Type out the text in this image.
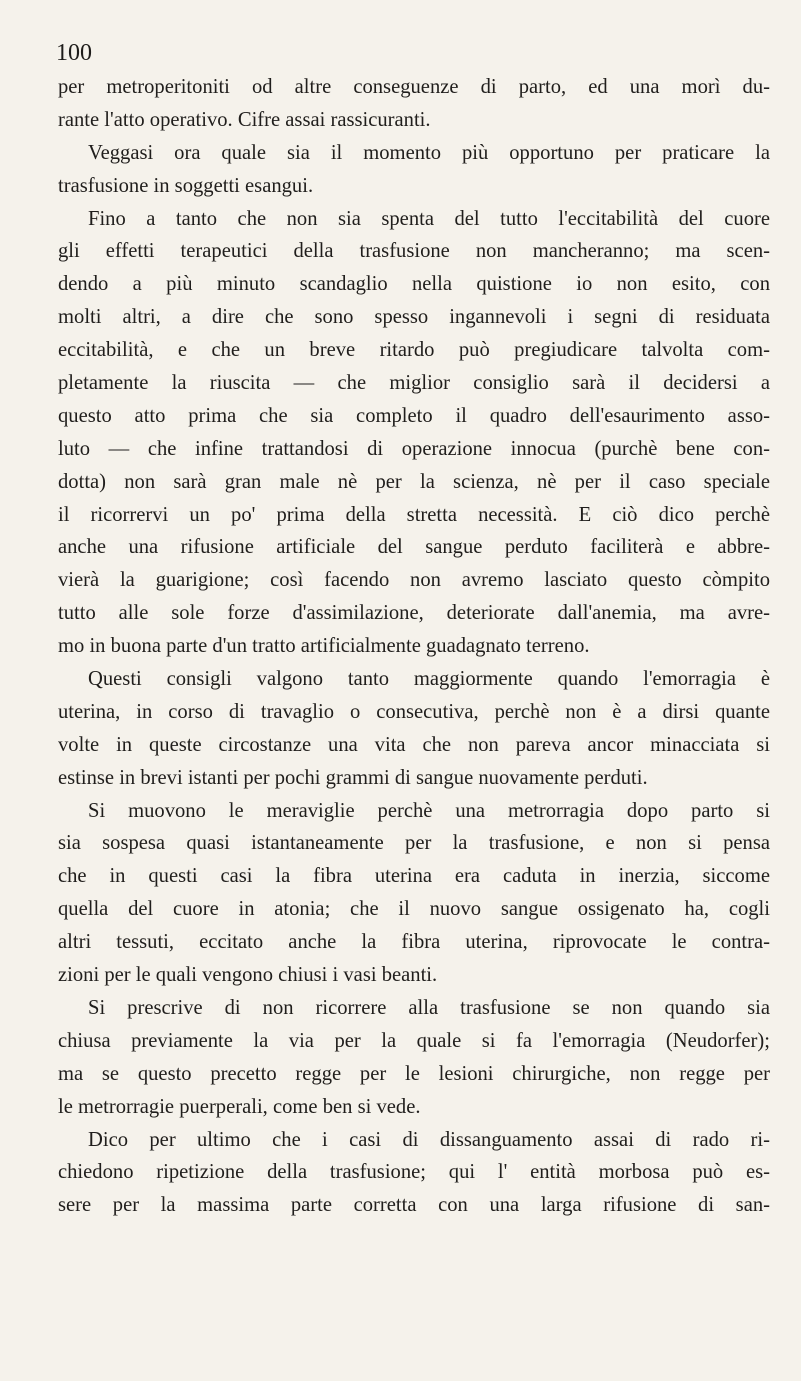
100
per metroperitoniti od altre conseguenze di parto, ed una morì du-
rante l'atto operativo. Cifre assai rassicuranti.
Veggasi ora quale sia il momento più opportuno per praticare la
trasfusione in soggetti esangui.
Fino a tanto che non sia spenta del tutto l'eccitabilità del cuore
gli effetti terapeutici della trasfusione non mancheranno; ma scen-
dendo a più minuto scandaglio nella quistione io non esito, con
molti altri, a dire che sono spesso ingannevoli i segni di residuata
eccitabilità, e che un breve ritardo può pregiudicare talvolta com-
pletamente la riuscita — che miglior consiglio sarà il decidersi a
questo atto prima che sia completo il quadro dell'esaurimento asso-
luto — che infine trattandosi di operazione innocua (purchè bene con-
dotta) non sarà gran male nè per la scienza, nè per il caso speciale
il ricorrervi un po' prima della stretta necessità. E ciò dico perchè
anche una rifusione artificiale del sangue perduto faciliterà e abbre-
vierà la guarigione; così facendo non avremo lasciato questo còmpito
tutto alle sole forze d'assimilazione, deteriorate dall'anemia, ma avre-
mo in buona parte d'un tratto artificialmente guadagnato terreno.
Questi consigli valgono tanto maggiormente quando l'emorragia è
uterina, in corso di travaglio o consecutiva, perchè non è a dirsi quante
volte in queste circostanze una vita che non pareva ancor minacciata si
estinse in brevi istanti per pochi grammi di sangue nuovamente perduti.
Si muovono le meraviglie perchè una metrorragia dopo parto si
sia sospesa quasi istantaneamente per la trasfusione, e non si pensa
che in questi casi la fibra uterina era caduta in inerzia, siccome
quella del cuore in atonia; che il nuovo sangue ossigenato ha, cogli
altri tessuti, eccitato anche la fibra uterina, riprovocate le contra-
zioni per le quali vengono chiusi i vasi beanti.
Si prescrive di non ricorrere alla trasfusione se non quando sia
chiusa previamente la via per la quale si fa l'emorragia (Neudorfer);
ma se questo precetto regge per le lesioni chirurgiche, non regge per
le metrorragie puerperali, come ben si vede.
Dico per ultimo che i casi di dissanguamento assai di rado ri-
chiedono ripetizione della trasfusione; qui l' entità morbosa può es-
sere per la massima parte corretta con una larga rifusione di san-
